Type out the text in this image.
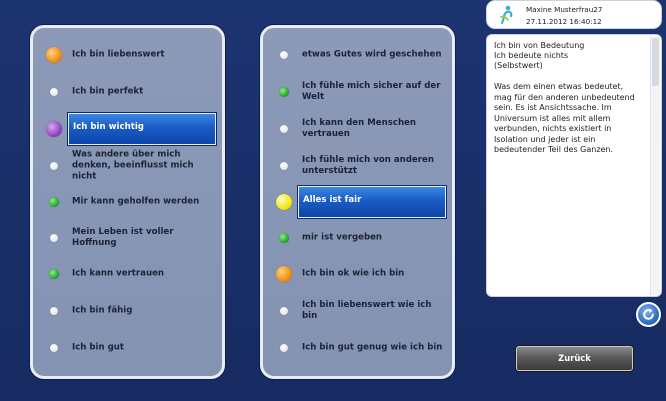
Ich bin liebenswert
Ich bin perfekt
Ich bin wichtig
Was andere über mich denken, beeinflusst mich nicht
Mir kann geholfen werden
Mein Leben ist voller Hoffnung
Ich kann vertrauen
Ich bin fähig
Ich bin gut
etwas Gutes wird geschehen
Ich fühle mich sicher auf der Welt
Ich kann den Menschen vertrauen
Ich fühle mich von anderen unterstützt
Alles ist fair
mir ist vergeben
Ich bin ok wie ich bin
Ich bin liebenswert wie ich bin
Ich bin gut genug wie ich bin
Maxine Musterfrau27
27.11.2012 16:40:12
Ich bin von Bedeutung
Ich bedeute nichts
(Selbstwert)
Was dem einen etwas bedeutet, mag für den anderen unbedeutend sein. Es ist Ansichtssache. Im Universum ist alles mit allem verbunden, nichts existiert in Isolation und jeder ist ein bedeutender Teil des Ganzen.
Zurück
